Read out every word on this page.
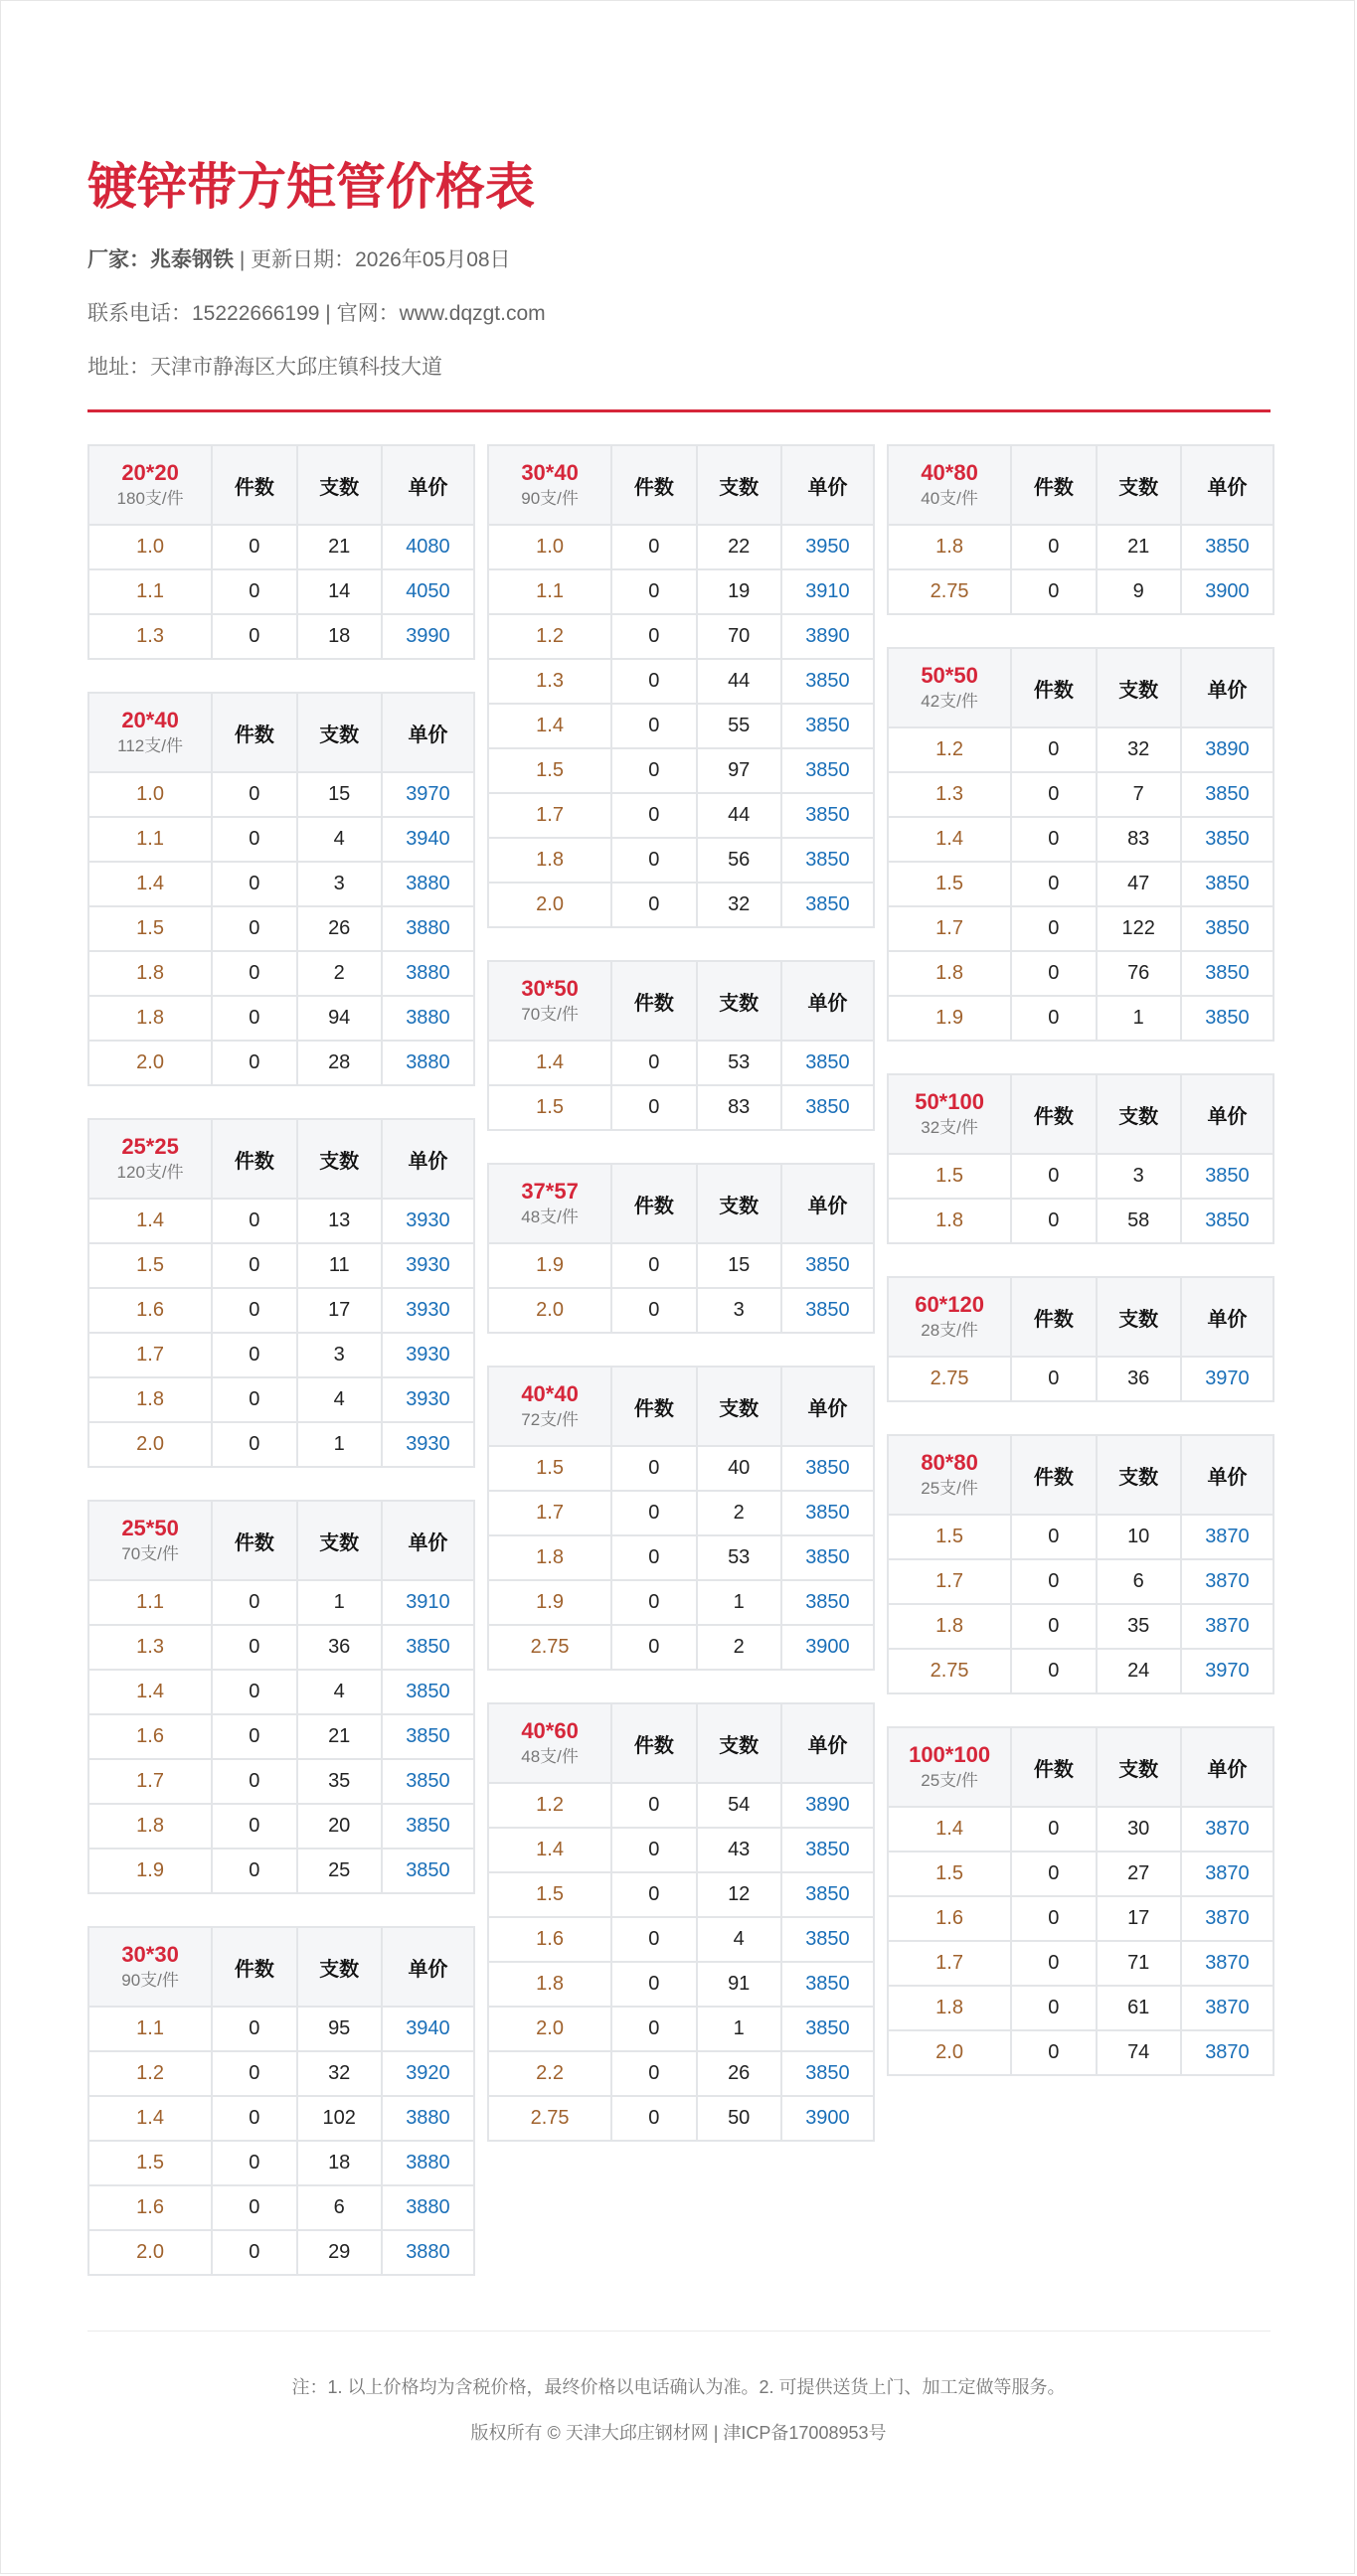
镀锌带方矩管价格表
厂家：兆泰钢铁 | 更新日期：2026年05月08日
联系电话：15222666199 | 官网：www.dqzgt.com
地址：天津市静海区大邱庄镇科技大道
20*20
180支/件	件数	支数	单价
1.0	0	21	4080
1.1	0	14	4050
1.3	0	18	3990
20*40
112支/件	件数	支数	单价
1.0	0	15	3970
1.1	0	4	3940
1.4	0	3	3880
1.5	0	26	3880
1.8	0	2	3880
1.8	0	94	3880
2.0	0	28	3880
25*25
120支/件	件数	支数	单价
1.4	0	13	3930
1.5	0	11	3930
1.6	0	17	3930
1.7	0	3	3930
1.8	0	4	3930
2.0	0	1	3930
25*50
70支/件	件数	支数	单价
1.1	0	1	3910
1.3	0	36	3850
1.4	0	4	3850
1.6	0	21	3850
1.7	0	35	3850
1.8	0	20	3850
1.9	0	25	3850
30*30
90支/件	件数	支数	单价
1.1	0	95	3940
1.2	0	32	3920
1.4	0	102	3880
1.5	0	18	3880
1.6	0	6	3880
2.0	0	29	3880
30*40
90支/件	件数	支数	单价
1.0	0	22	3950
1.1	0	19	3910
1.2	0	70	3890
1.3	0	44	3850
1.4	0	55	3850
1.5	0	97	3850
1.7	0	44	3850
1.8	0	56	3850
2.0	0	32	3850
30*50
70支/件	件数	支数	单价
1.4	0	53	3850
1.5	0	83	3850
37*57
48支/件	件数	支数	单价
1.9	0	15	3850
2.0	0	3	3850
40*40
72支/件	件数	支数	单价
1.5	0	40	3850
1.7	0	2	3850
1.8	0	53	3850
1.9	0	1	3850
2.75	0	2	3900
40*60
48支/件	件数	支数	单价
1.2	0	54	3890
1.4	0	43	3850
1.5	0	12	3850
1.6	0	4	3850
1.8	0	91	3850
2.0	0	1	3850
2.2	0	26	3850
2.75	0	50	3900
40*80
40支/件	件数	支数	单价
1.8	0	21	3850
2.75	0	9	3900
50*50
42支/件	件数	支数	单价
1.2	0	32	3890
1.3	0	7	3850
1.4	0	83	3850
1.5	0	47	3850
1.7	0	122	3850
1.8	0	76	3850
1.9	0	1	3850
50*100
32支/件	件数	支数	单价
1.5	0	3	3850
1.8	0	58	3850
60*120
28支/件	件数	支数	单价
2.75	0	36	3970
80*80
25支/件	件数	支数	单价
1.5	0	10	3870
1.7	0	6	3870
1.8	0	35	3870
2.75	0	24	3970
100*100
25支/件	件数	支数	单价
1.4	0	30	3870
1.5	0	27	3870
1.6	0	17	3870
1.7	0	71	3870
1.8	0	61	3870
2.0	0	74	3870
注：1. 以上价格均为含税价格，最终价格以电话确认为准。2. 可提供送货上门、加工定做等服务。
版权所有 © 天津大邱庄钢材网 | 津ICP备17008953号
